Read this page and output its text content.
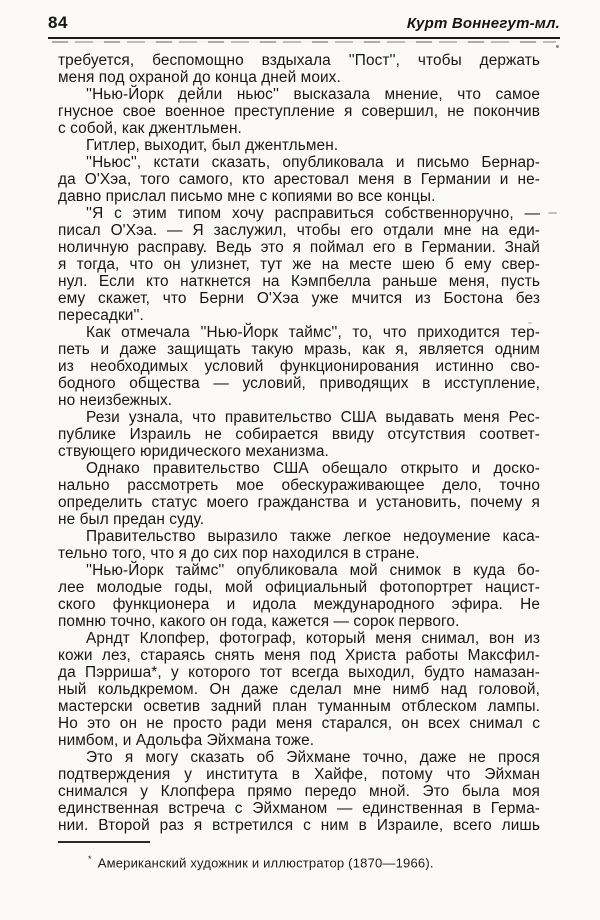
84	Курт Воннегут-мл.
требуется, беспомощно вздыхала ''Пост'', чтобы держать
меня под охраной до конца дней моих.
''Нью-Йорк дейли ньюс'' высказала мнение, что самое
гнусное свое военное преступление я совершил, не покончив
с собой, как джентльмен.
Гитлер, выходит, был джентльмен.
''Ньюс'', кстати сказать, опубликовала и письмо Бернар-
да О'Хэа, того самого, кто арестовал меня в Германии и не-
давно прислал письмо мне с копиями во все концы.
''Я с этим типом хочу расправиться собственноручно, —
писал О'Хэа. — Я заслужил, чтобы его отдали мне на еди-
ноличную расправу. Ведь это я поймал его в Германии. Знай
я тогда, что он улизнет, тут же на месте шею б ему свер-
нул. Если кто наткнется на Кэмпбелла раньше меня, пусть
ему скажет, что Берни О'Хэа уже мчится из Бостона без
пересадки''.
Как отмечала ''Нью-Йорк таймс'', то, что приходится тер-
петь и даже защищать такую мразь, как я, является одним
из необходимых условий функционирования истинно сво-
бодного общества — условий, приводящих в исступление,
но неизбежных.
Рези узнала, что правительство США выдавать меня Рес-
публике Израиль не собирается ввиду отсутствия соответ-
ствующего юридического механизма.
Однако правительство США обещало открыто и доско-
нально рассмотреть мое обескураживающее дело, точно
определить статус моего гражданства и установить, почему я
не был предан суду.
Правительство выразило также легкое недоумение каса-
тельно того, что я до сих пор находился в стране.
''Нью-Йорк таймс'' опубликовала мой снимок в куда бо-
лее молодые годы, мой официальный фотопортрет нацист-
ского функционера и идола международного эфира. Не
помню точно, какого он года, кажется — сорок первого.
Арндт Клопфер, фотограф, который меня снимал, вон из
кожи лез, стараясь снять меня под Христа работы Максфил-
да Пэрриша*, у которого тот всегда выходил, будто намазан-
ный кольдкремом. Он даже сделал мне нимб над головой,
мастерски осветив задний план туманным отблеском лампы.
Но это он не просто ради меня старался, он всех снимал с
нимбом, и Адольфа Эйхмана тоже.
Это я могу сказать об Эйхмане точно, даже не прося
подтверждения у института в Хайфе, потому что Эйхман
снимался у Клопфера прямо передо мной. Это была моя
единственная встреча с Эйхманом — единственная в Герма-
нии. Второй раз я встретился с ним в Израиле, всего лишь
* Американский художник и иллюстратор (1870—1966).
